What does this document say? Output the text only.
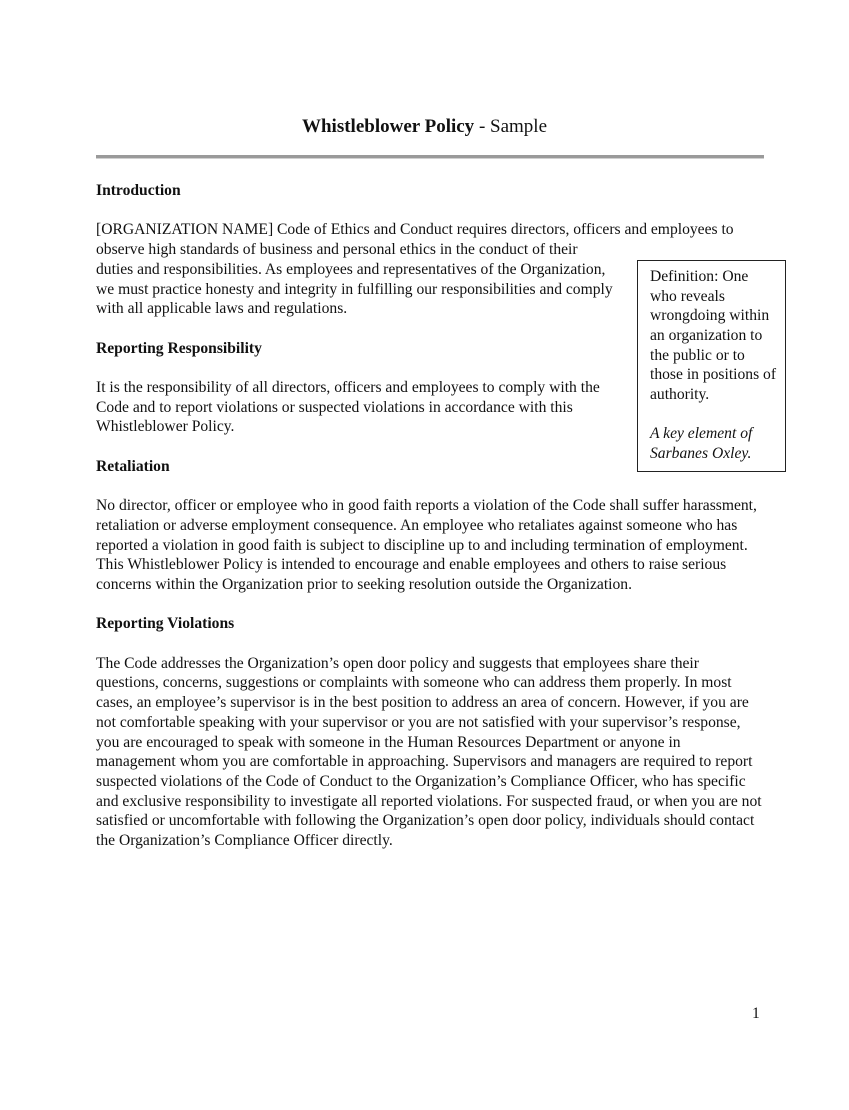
Whistleblower Policy - Sample
Introduction

[ORGANIZATION NAME] Code of Ethics and Conduct requires directors, officers and employees to observe high standards of business and personal ethics in the conduct of their

Definition: One who reveals wrongdoing within an organization to the public or to those in positions of authority.

A key element of Sarbanes Oxley.

duties and responsibilities. As employees and representatives of the Organization, we must practice honesty and integrity in fulfilling our responsibilities and comply with all applicable laws and regulations.

Reporting Responsibility

It is the responsibility of all directors, officers and employees to comply with the Code and to report violations or suspected violations in accordance with this Whistleblower Policy.

Retaliation

No director, officer or employee who in good faith reports a violation of the Code shall suffer harassment, retaliation or adverse employment consequence. An employee who retaliates against someone who has reported a violation in good faith is subject to discipline up to and including termination of employment. This Whistleblower Policy is intended to encourage and enable employees and others to raise serious concerns within the Organization prior to seeking resolution outside the Organization.

Reporting Violations

The Code addresses the Organization’s open door policy and suggests that employees share their questions, concerns, suggestions or complaints with someone who can address them properly. In most cases, an employee’s supervisor is in the best position to address an area of concern. However, if you are not comfortable speaking with your supervisor or you are not satisfied with your supervisor’s response, you are encouraged to speak with someone in the Human Resources Department or anyone in management whom you are comfortable in approaching. Supervisors and managers are required to report suspected violations of the Code of Conduct to the Organization’s Compliance Officer, who has specific and exclusive responsibility to investigate all reported violations. For suspected fraud, or when you are not satisfied or uncomfortable with following the Organization’s open door policy, individuals should contact the Organization’s Compliance Officer directly.

1
